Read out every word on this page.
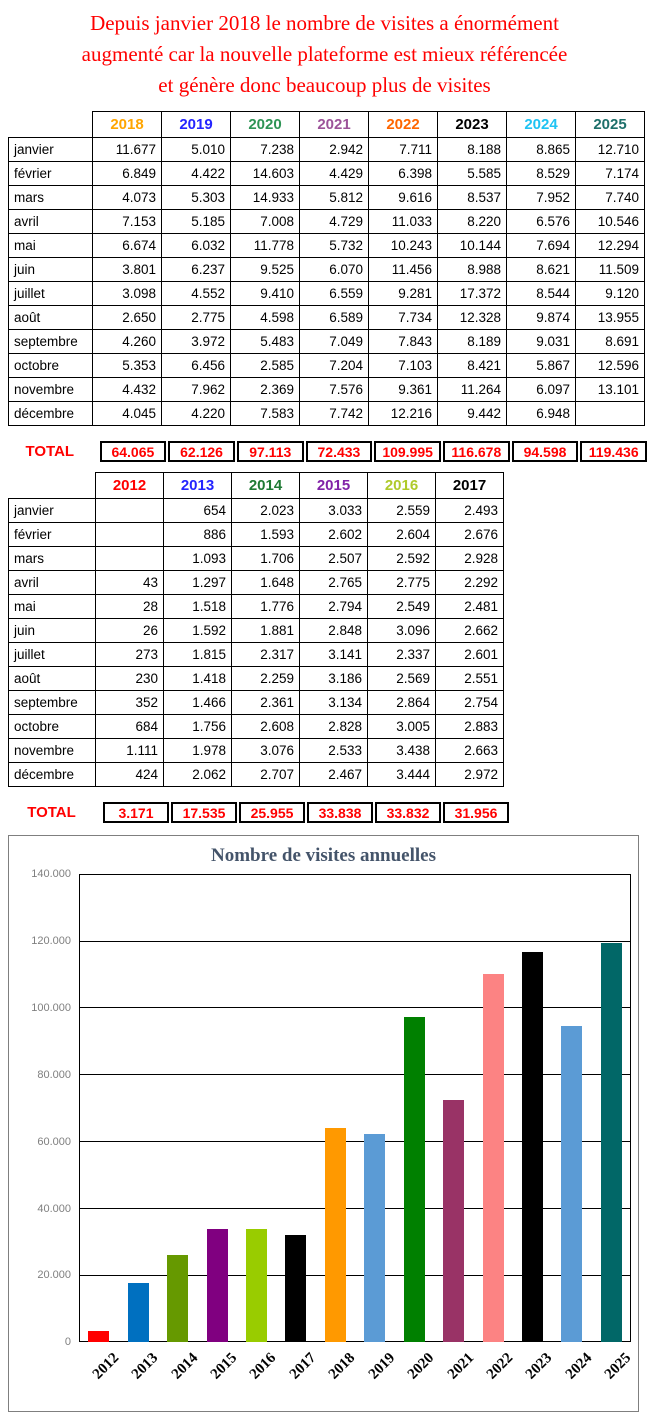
Depuis janvier 2018 le nombre de visites a énormément
augmenté car la nouvelle plateforme est mieux référencée
et génère donc beaucoup plus de visites
	2018	2019	2020	2021	2022	2023	2024	2025
janvier	11.677	5.010	7.238	2.942	7.711	8.188	8.865	12.710
février	6.849	4.422	14.603	4.429	6.398	5.585	8.529	7.174
mars	4.073	5.303	14.933	5.812	9.616	8.537	7.952	7.740
avril	7.153	5.185	7.008	4.729	11.033	8.220	6.576	10.546
mai	6.674	6.032	11.778	5.732	10.243	10.144	7.694	12.294
juin	3.801	6.237	9.525	6.070	11.456	8.988	8.621	11.509
juillet	3.098	4.552	9.410	6.559	9.281	17.372	8.544	9.120
août	2.650	2.775	4.598	6.589	7.734	12.328	9.874	13.955
septembre	4.260	3.972	5.483	7.049	7.843	8.189	9.031	8.691
octobre	5.353	6.456	2.585	7.204	7.103	8.421	5.867	12.596
novembre	4.432	7.962	2.369	7.576	9.361	11.264	6.097	13.101
décembre	4.045	4.220	7.583	7.742	12.216	9.442	6.948	
TOTAL	64.065	62.126	97.113	72.433	109.995	116.678	94.598	119.436
	2012	2013	2014	2015	2016	2017
janvier		654	2.023	3.033	2.559	2.493
février		886	1.593	2.602	2.604	2.676
mars		1.093	1.706	2.507	2.592	2.928
avril	43	1.297	1.648	2.765	2.775	2.292
mai	28	1.518	1.776	2.794	2.549	2.481
juin	26	1.592	1.881	2.848	3.096	2.662
juillet	273	1.815	2.317	3.141	2.337	2.601
août	230	1.418	2.259	3.186	2.569	2.551
septembre	352	1.466	2.361	3.134	2.864	2.754
octobre	684	1.756	2.608	2.828	3.005	2.883
novembre	1.111	1.978	3.076	2.533	3.438	2.663
décembre	424	2.062	2.707	2.467	3.444	2.972
TOTAL	3.171	17.535	25.955	33.838	33.832	31.956
Nombre de visites annuelles
0
20.000
40.000
60.000
80.000
100.000
120.000
140.000
2012 2013 2014 2015 2016 2017 2018 2019 2020 2021 2022 2023 2024 2025
